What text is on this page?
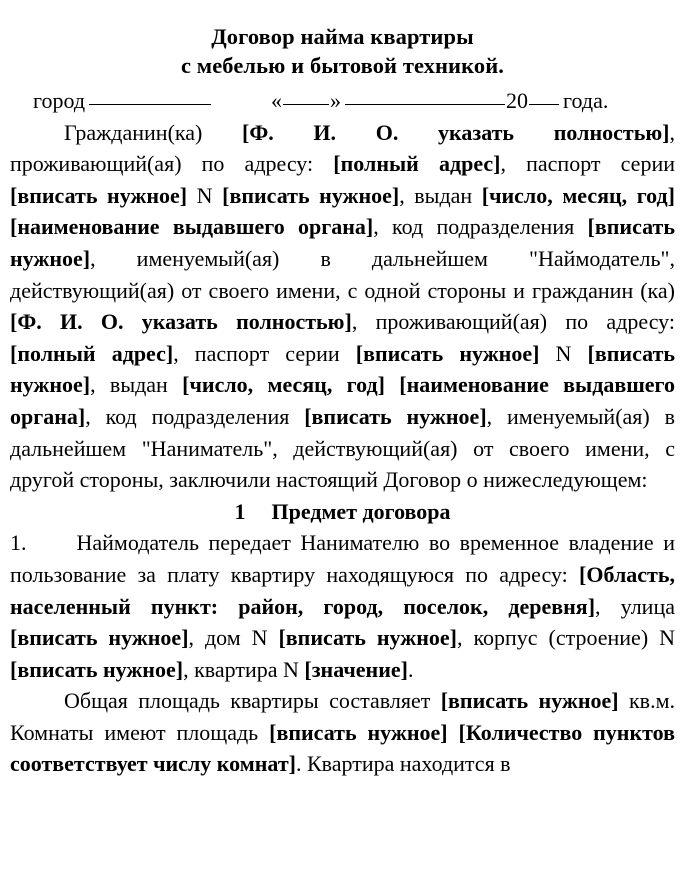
Договор найма квартиры
с мебелью и бытовой техникой.
город	« »	20 года.

Гражданин(ка) [Ф. И. О. указать полностью], проживающий(ая) по адресу: [полный адрес], паспорт серии [вписать нужное] N [вписать нужное], выдан [число, месяц, год] [наименование выдавшего органа], код подразделения [вписать нужное], именуемый(ая) в дальнейшем "Наймодатель", действующий(ая) от своего имени, с одной стороны и гражданин (ка) [Ф. И. О. указать полностью], проживающий(ая) по адресу: [полный адрес], паспорт серии [вписать нужное] N [вписать нужное], выдан [число, месяц, год] [наименование выдавшего органа], код подразделения [вписать нужное], именуемый(ая) в дальнейшем "Наниматель", действующий(ая) от своего имени, с другой стороны, заключили настоящий Договор о нижеследующем:

1 Предмет договора

1. Наймодатель передает Нанимателю во временное владение и пользование за плату квартиру находящуюся по адресу: [Область, населенный пункт: район, город, поселок, деревня], улица [вписать нужное], дом N [вписать нужное], корпус (строение) N [вписать нужное], квартира N [значение].

Общая площадь квартиры составляет [вписать нужное] кв.м. Комнаты имеют площадь [вписать нужное] [Количество пунктов соответствует числу комнат]. Квартира находится в
